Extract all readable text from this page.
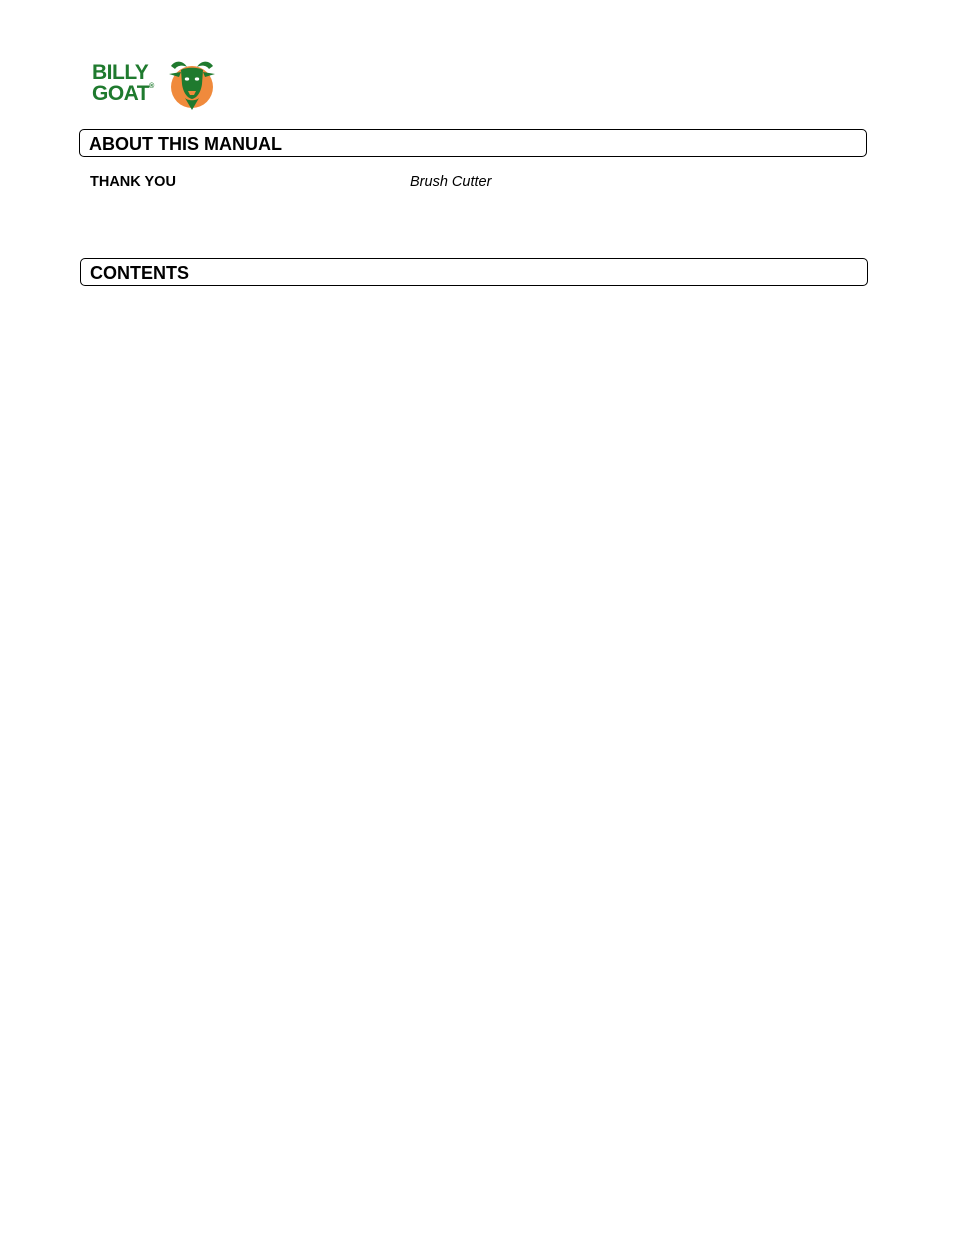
BILLY
GOAT®
ABOUT THIS MANUAL
THANK YOU	Brush Cutter
CONTENTS
